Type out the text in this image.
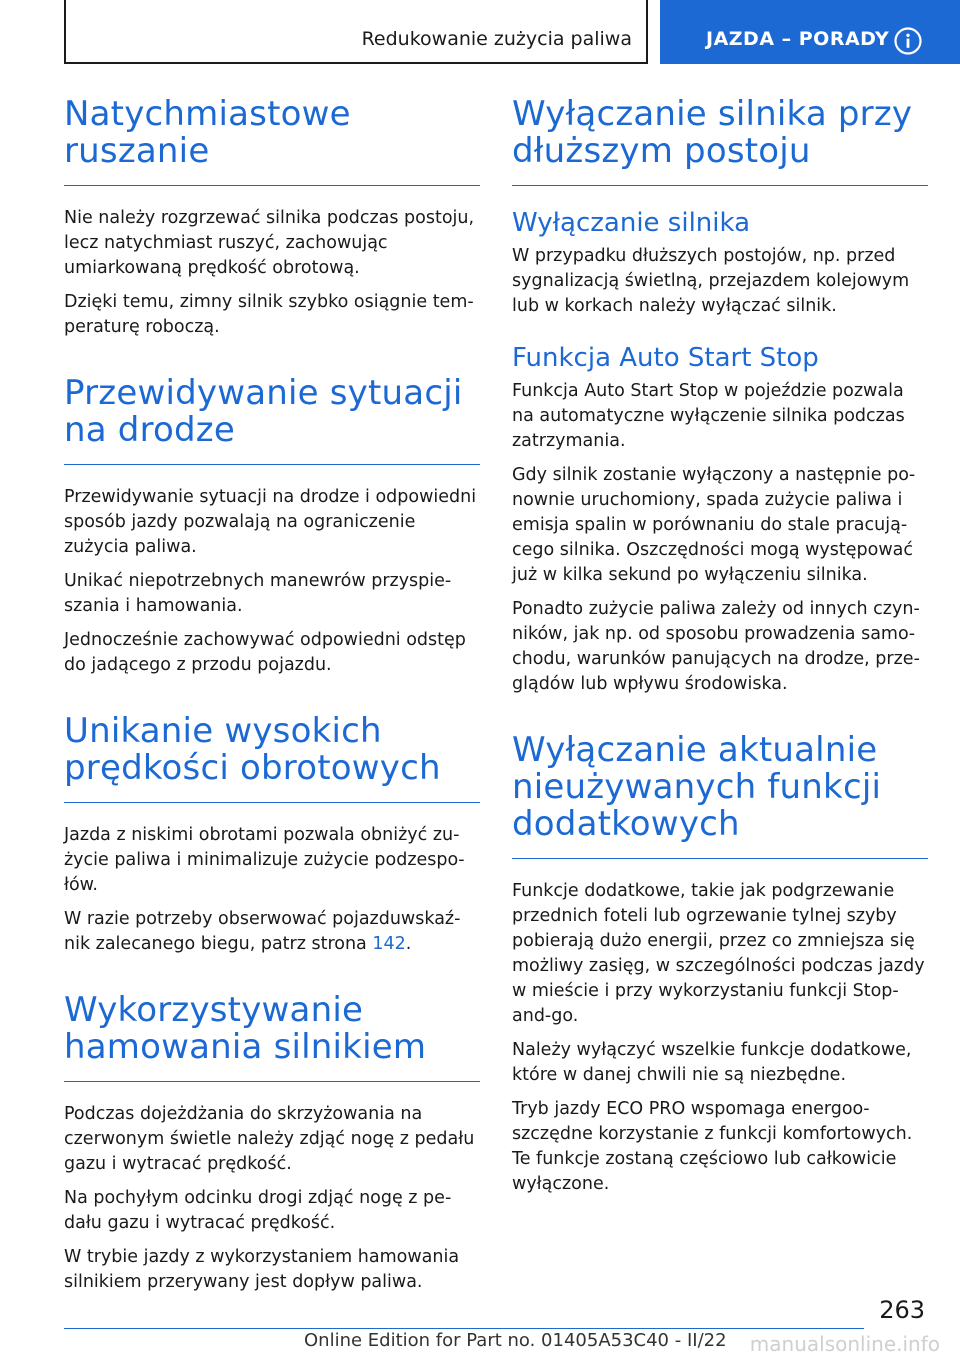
Redukowanie zużycia paliwa	JAZDA – PORADY
Natychmiastowe ruszanie

Nie należy rozgrzewać silnika podczas postoju, lecz natychmiast ruszyć, zachowując umiarkowaną prędkość obrotową.

Dzięki temu, zimny silnik szybko osiągnie temperaturę roboczą.

Przewidywanie sytuacji na drodze

Przewidywanie sytuacji na drodze i odpowiedni sposób jazdy pozwalają na ograniczenie zużycia paliwa.

Unikać niepotrzebnych manewrów przyspieszania i hamowania.

Jednocześnie zachowywać odpowiedni odstęp do jadącego z przodu pojazdu.

Unikanie wysokich prędkości obrotowych

Jazda z niskimi obrotami pozwala obniżyć zużycie paliwa i minimalizuje zużycie podzespołów.

W razie potrzeby obserwować pojazduwskaźnik zalecanego biegu, patrz strona 142.

Wykorzystywanie hamowania silnikiem

Podczas dojeżdżania do skrzyżowania na czerwonym świetle należy zdjąć nogę z pedału gazu i wytracać prędkość.

Na pochyłym odcinku drogi zdjąć nogę z pedału gazu i wytracać prędkość.

W trybie jazdy z wykorzystaniem hamowania silnikiem przerywany jest dopływ paliwa.

Wyłączanie silnika przy dłuższym postoju
Wyłączanie silnika

W przypadku dłuższych postojów, np. przed sygnalizacją świetlną, przejazdem kolejowym lub w korkach należy wyłączać silnik.

Funkcja Auto Start Stop

Funkcja Auto Start Stop w pojeździe pozwala na automatyczne wyłączenie silnika podczas zatrzymania.

Gdy silnik zostanie wyłączony a następnie ponownie uruchomiony, spada zużycie paliwa i emisja spalin w porównaniu do stale pracującego silnika. Oszczędności mogą występować już w kilka sekund po wyłączeniu silnika.

Ponadto zużycie paliwa zależy od innych czynników, jak np. od sposobu prowadzenia samochodu, warunków panujących na drodze, przeglądów lub wpływu środowiska.

Wyłączanie aktualnie nieużywanych funkcji dodatkowych

Funkcje dodatkowe, takie jak podgrzewanie przednich foteli lub ogrzewanie tylnej szyby pobierają dużo energii, przez co zmniejsza się możliwy zasięg, w szczególności podczas jazdy w mieście i przy wykorzystaniu funkcji Stop-and-go.

Należy wyłączyć wszelkie funkcje dodatkowe, które w danej chwili nie są niezbędne.

Tryb jazdy ECO PRO wspomaga energooszczędne korzystanie z funkcji komfortowych. Te funkcje zostaną częściowo lub całkowicie wyłączone.

263
Online Edition for Part no. 01405A53C40 - II/22 manualsonline.info
